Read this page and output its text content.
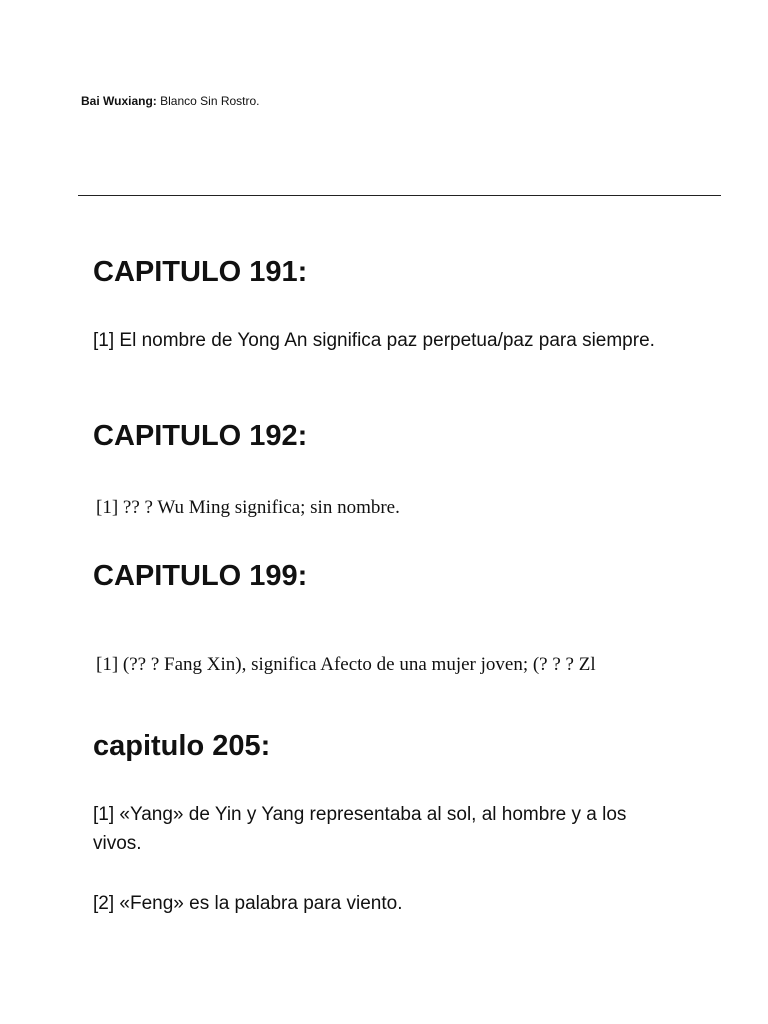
Bai Wuxiang: Blanco Sin Rostro.
CAPITULO 191:

[1] El nombre de Yong An significa paz perpetua/paz para siempre.

CAPITULO 192:

[1] ?? ? Wu Ming significa; sin nombre.

CAPITULO 199:

[1] (?? ? Fang Xin), significa Afecto de una mujer joven; (? ? ? Zl

capitulo 205:

[1] «Yang» de Yin y Yang representaba al sol, al hombre y a los vivos.

[2] «Feng» es la palabra para viento.
